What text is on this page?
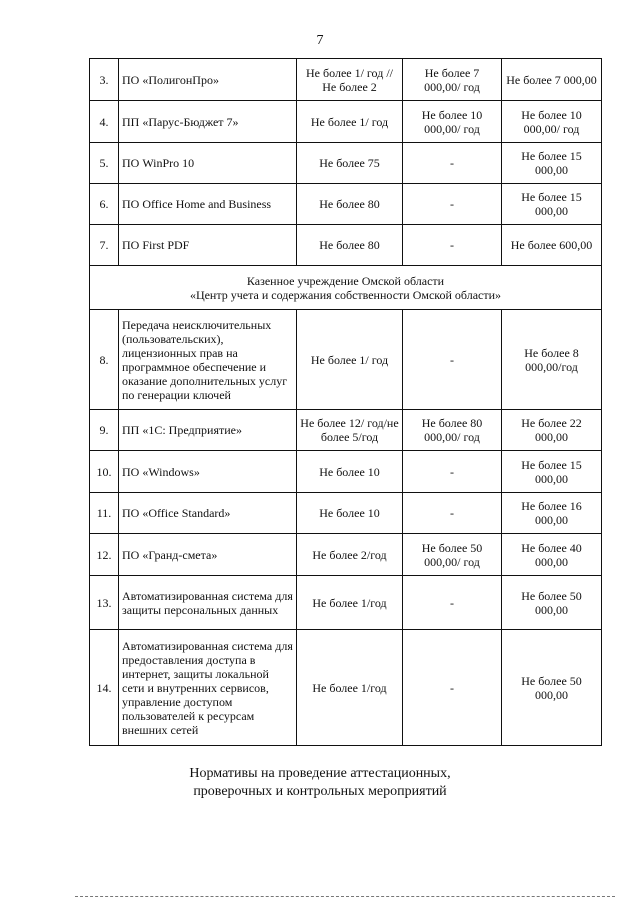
7
3.	ПО «ПолигонПро»	Не более 1/ год // Не более 2	Не более 7 000,00/ год	Не более 7 000,00
4.	ПП «Парус-Бюджет 7»	Не более 1/ год	Не более 10 000,00/ год	Не более 10 000,00/ год
5.	ПО WinPro 10	Не более 75	-	Не более 15 000,00
6.	ПО Office Home and Business	Не более 80	-	Не более 15 000,00
7.	ПО First PDF	Не более 80	-	Не более 600,00

Казенное учреждение Омской области
«Центр учета и содержания собственности Омской области»				

8.	Передача неисключительных (пользовательских), лицензионных прав на программное обеспечение и оказание дополнительных услуг по генерации ключей	Не более 1/ год	-	Не более 8 000,00/год
9.	ПП «1С: Предприятие»	Не более 12/ год/не более 5/год	Не более 80 000,00/ год	Не более 22 000,00
10.	ПО «Windows»	Не более 10	-	Не более 15 000,00
11.	ПО «Office Standard»	Не более 10	-	Не более 16 000,00
12.	ПО «Гранд-смета»	Не более 2/год	Не более 50 000,00/ год	Не более 40 000,00
13.	Автоматизированная система для защиты персональных данных	Не более 1/год	-	Не более 50 000,00
14.	Автоматизированная система для предоставления доступа в интернет, защиты локальной сети и внутренних сервисов, управление доступом пользователей к ресурсам внешних сетей	Не более 1/год	-	Не более 50 000,00
Нормативы на проведение аттестационных,
проверочных и контрольных мероприятий
